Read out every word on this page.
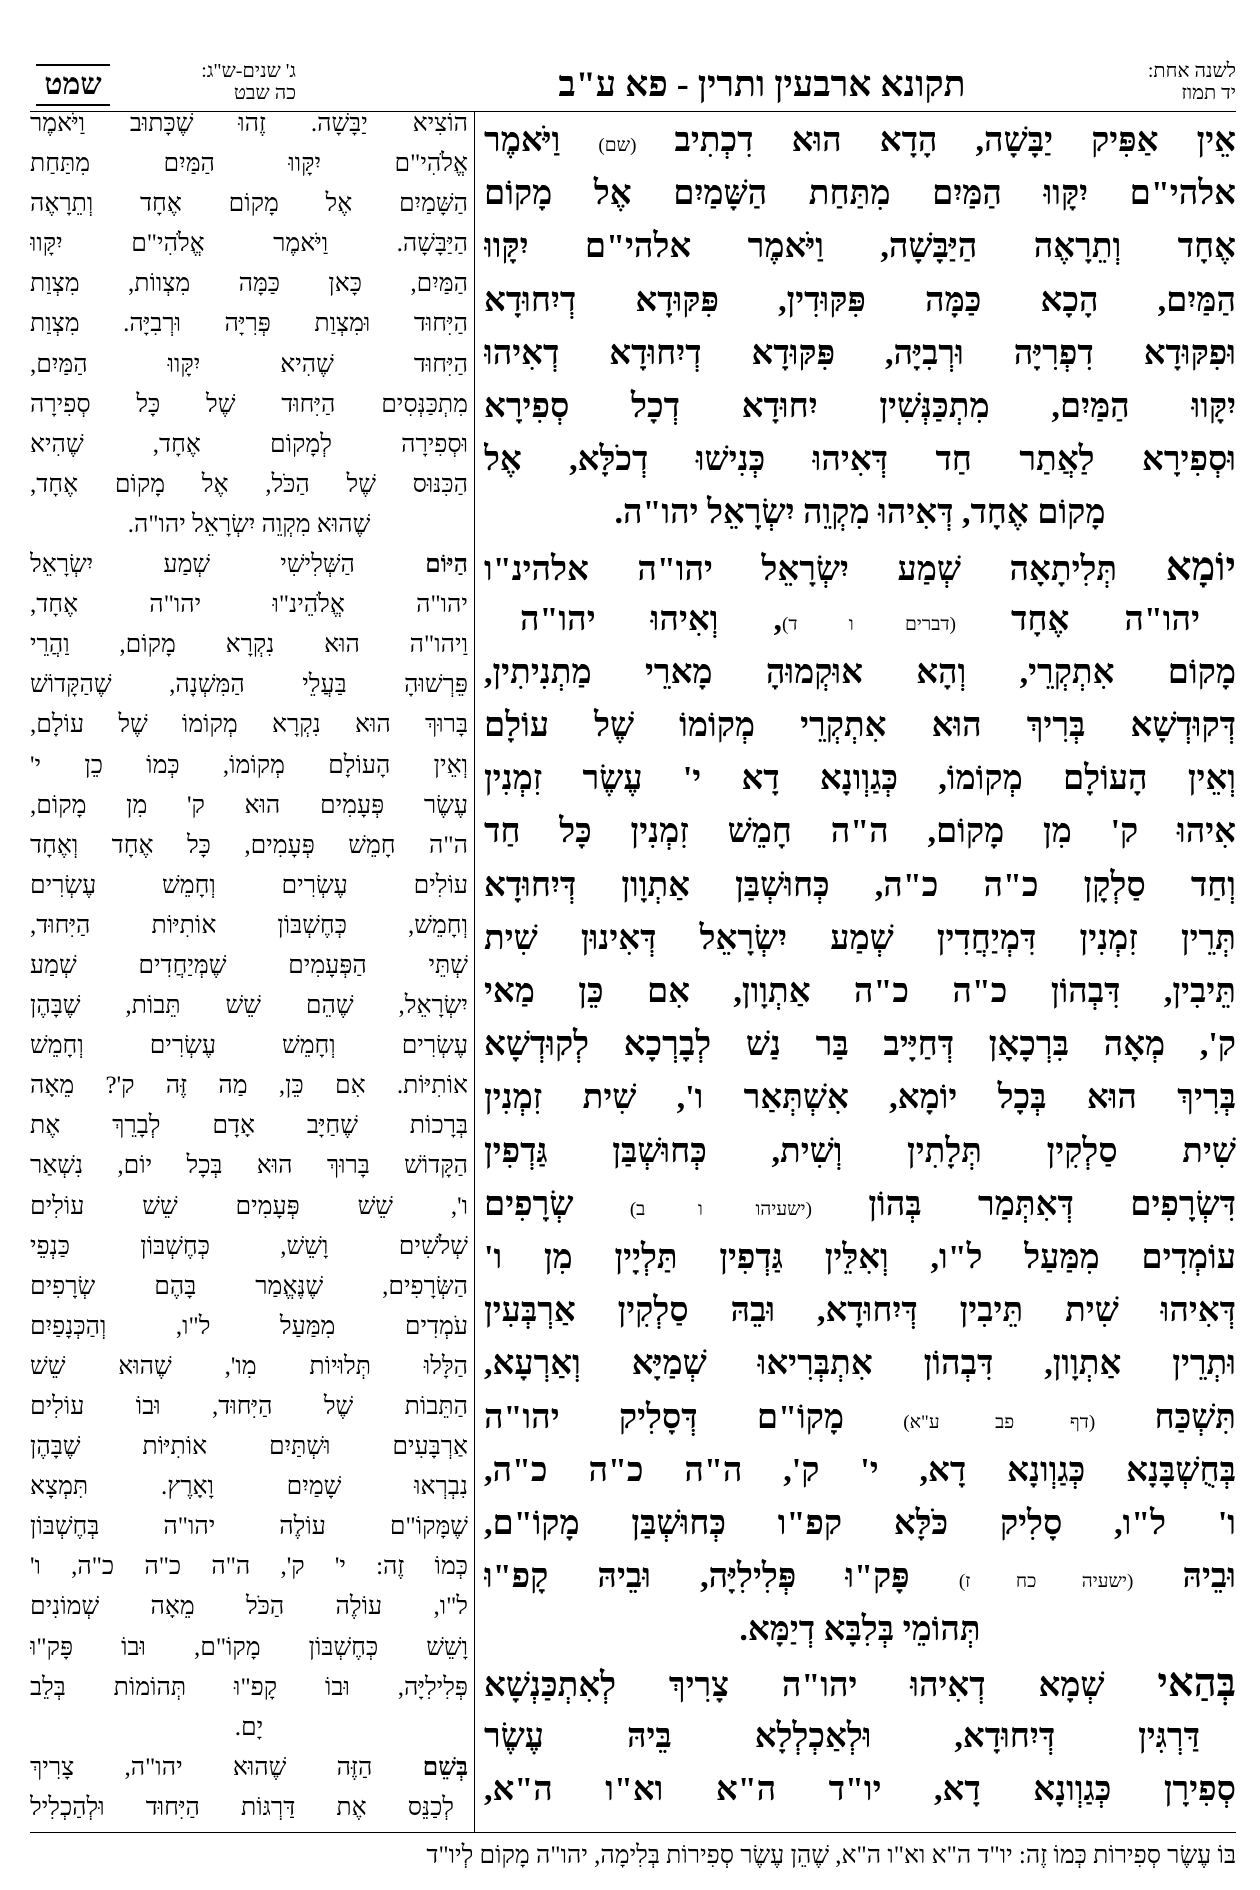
לשנה אחת:
יד תמוז
תקונא ארבעין ותרין - פא ע"ב
ג' שנים-ש"ג:
כה שבט
שמט
אֵין אַפִּיק יַבָּשָׁה, הָדָא הוּא דִכְתִיב (שם) וַיֹּאמֶר
אלהי"ם יִקָּווּ הַמַּיִם מִתַּחַת הַשָּׁמַיִם אֶל מָקוֹם
אֶחָד וְתֵרָאֶה הַיַּבָּשָׁה, וַיֹּאמֶר אלהי"ם יִקָּווּ
הַמַּיִם, הָכָא כַּמָּה פִּקּוּדִין, פִּקּוּדָא דְיִחוּדָא
וּפִקּוּדָא דִפְרִיָּה וּרְבִיָּה, פִּקּוּדָא דְיִחוּדָא דְאִיהוּ
יִקָּווּ הַמַּיִם, מִתְכַּנְּשִׁין יִחוּדָא דְכָל סְפִירָא
וּסְפִירָא לַאֲתַר חַד דְּאִיהוּ כְּנִישׁוּ דְכֹלָּא, אֶל
מָקוֹם אֶחָד, דְּאִיהוּ מִקְוֵה יִשְׂרָאֵל יהו"ה.
יוֹמָא תְּלִיתָאָה שְׁמַע יִשְׂרָאֵל יהו"ה אלהינ"ו
יהו"ה אֶחָד (דברים ו ד), וְאִיהוּ יהו"ה
מָקוֹם אִתְקְרֵי, וְהָא אוּקְמוּהָ מָארֵי מַתְנִיתִין,
דְּקוּדְשָׁא בְּרִיךְ הוּא אִתְקְרֵי מְקוֹמוֹ שֶׁל עוֹלָם
וְאֵין הָעוֹלָם מְקוֹמוֹ, כְּגַוְונָא דָא י' עֶשֶׂר זִמְנִין
אִיהוּ ק' מִן מָקוֹם, ה"ה חָמֵשׁ זִמְנִין כָּל חַד
וְחַד סַלְקָן כ"ה כ"ה, כְּחוּשְׁבַּן אַתְוָון דְּיִחוּדָא
תְּרֵין זִמְנִין דִּמְיַחֲדִין שְׁמַע יִשְׂרָאֵל דְּאִינוּן שִׁית
תֵּיבִין, דִּבְהוֹן כ"ה כ"ה אַתְוָון, אִם כֵּן מַאי
ק', מְאָה בִּרְכָאָן דְּחַיָּיב בַּר נַשׁ לְבָרְכָא לְקוּדְשָׁא
בְּרִיךְ הוּא בְּכָל יוֹמָא, אִשְׁתְּאַר ו', שִׁית זִמְנִין
שִׁית סַלְקִין תְּלָתִין וְשִׁית, כְּחוּשְׁבַּן גַּדְפִין
דִּשְׂרָפִים דְּאִתְּמַר בְּהוֹן (ישעיהו ו ב) שְׂרָפִים
עוֹמְדִים מִמַּעַל ל"ו, וְאִלֵּין גַּדְפִין תַּלְיָין מִן ו'
דְּאִיהוּ שִׁית תֵּיבִין דְּיִחוּדָא, וּבֵהּ סַלְקִין אַרְבְּעִין
וּתְרֵין אַתְוָון, דִּבְהוֹן אִתְבְּרִיאוּ שְׁמַיָּא וְאַרְעָא,
תִּשְׁכַּח (דף פב ע"א) מָקוֹ"ם דְּסָלִיק יהו"ה
בְּחֻשְׁבָּנָא כְּגַוְונָא דָא, י' ק', ה"ה כ"ה כ"ה,
ו' ל"ו, סָלִיק כֹּלָּא קפ"ו כְּחוּשְׁבַּן מָקוֹ"ם,
וּבֵיהּ (ישעיה כח ז) פָּק"וּ פְּלִילִיָּה, וּבֵיהּ קָפ"וּ
תְּהוֹמֵי בְּלִבָּא דְיַמָּא.
בְּהַאי שְׁמָא דְאִיהוּ יהו"ה צָרִיךְ לְאִתְכַּנְשָׁא
דַּרְגִּין דְּיִחוּדָא, וּלְאַכְלְלָא בֵּיהּ עֶשֶׂר
סְפִירָן כְּגַוְונָא דָא, יו"ד ה"א וא"ו ה"א,
הוֹצִיא יַבָּשָׁה. זֶהוּ שֶׁכָּתוּב וַיֹּאמֶר
אֱלֹהִי"ם יִקָּווּ הַמַּיִם מִתַּחַת
הַשָּׁמַיִם אֶל מָקוֹם אֶחָד וְתֵרָאֶה
הַיַּבָּשָׁה. וַיֹּאמֶר אֱלֹהִי"ם יִקָּווּ
הַמַּיִם, כָּאן כַּמָּה מִצְווֹת, מִצְוַת
הַיִּחוּד וּמִצְוַת פְּרִיָּה וּרְבִיָּה. מִצְוַת
הַיִּחוּד שֶׁהִיא יִקָּווּ הַמַּיִם,
מִתְכַּנְּסִים הַיִּחוּד שֶׁל כָּל סְפִירָה
וּסְפִירָה לְמָקוֹם אֶחָד, שֶׁהִיא
הַכִּנּוּס שֶׁל הַכֹּל, אֶל מָקוֹם אֶחָד,
שֶׁהוּא מִקְוֵה יִשְׂרָאֵל יהו"ה.
הַיּוֹם הַשְּׁלִישִׁי שְׁמַע יִשְׂרָאֵל
יהו"ה אֱלֹהֵינ"וּ יהו"ה אֶחָד,
וַיהו"ה הוּא נִקְרָא מָקוֹם, וַהֲרֵי
פֵּרְשׁוּהָ בַּעֲלֵי הַמִּשְׁנָה, שֶׁהַקָּדוֹשׁ
בָּרוּךְ הוּא נִקְרָא מְקוֹמוֹ שֶׁל עוֹלָם,
וְאֵין הָעוֹלָם מְקוֹמוֹ, כְּמוֹ כֵן י'
עֶשֶׂר פְּעָמִים הוּא ק' מִן מָקוֹם,
ה"ה חָמֵשׁ פְּעָמִים, כָּל אֶחָד וְאֶחָד
עוֹלִים עֶשְׂרִים וְחָמֵשׁ עֶשְׂרִים
וְחָמֵשׁ, כְּחֶשְׁבּוֹן אוֹתִיּוֹת הַיִּחוּד,
שְׁתֵּי הַפְּעָמִים שֶׁמְּיַחֲדִים שְׁמַע
יִשְׂרָאֵל, שֶׁהֵם שֵׁשׁ תֵּבוֹת, שֶׁבָּהֶן
עֶשְׂרִים וְחָמֵשׁ עֶשְׂרִים וְחָמֵשׁ
אוֹתִיּוֹת. אִם כֵּן, מַה זֶּה ק'? מֵאָה
בְּרָכוֹת שֶׁחַיָּב אָדָם לְבָרֵךְ אֶת
הַקָּדוֹשׁ בָּרוּךְ הוּא בְּכָל יוֹם, נִשְׁאַר
ו', שֵׁשׁ פְּעָמִים שֵׁשׁ עוֹלִים
שְׁלֹשִׁים וָשֵׁשׁ, כְּחֶשְׁבּוֹן כַּנְפֵי
הַשְּׂרָפִים, שֶׁנֶּאֱמַר בָּהֶם שְׂרָפִים
עֹמְדִים מִמַּעַל ל"ו, וְהַכְּנָפַיִם
הַלָּלוּ תְּלוּיוֹת מִו', שֶׁהוּא שֵׁשׁ
הַתֵּבוֹת שֶׁל הַיִּחוּד, וּבוֹ עוֹלִים
אַרְבָּעִים וּשְׁתַּיִם אוֹתִיּוֹת שֶׁבָּהֶן
נִבְרְאוּ שָׁמַיִם וָאָרֶץ. תִּמְצָא
שֶׁמָּקוֹ"ם עוֹלֶה יהו"ה בְּחֶשְׁבּוֹן
כְּמוֹ זֶה: י' ק', ה"ה כ"ה כ"ה, ו'
ל"ו, עוֹלֶה הַכֹּל מֵאָה שְׁמוֹנִים
וָשֵׁשׁ כְּחֶשְׁבּוֹן מָקוֹ"ם, וּבוֹ פָּק"וּ
פְּלִילִיָּה, וּבוֹ קָפ"וּ תְּהוֹמוֹת בְּלֵב
יָם.
בְּשֵׁם הַזֶּה שֶׁהוּא יהו"ה, צָרִיךְ
לְכַנֵּס אֶת דַּרְגּוֹת הַיִּחוּד וּלְהַכְלִיל
בּוֹ עֶשֶׂר סְפִירוֹת כְּמוֹ זֶה: יו"ד ה"א וא"ו ה"א, שֶׁהֵן עֶשֶׂר סְפִירוֹת בְּלִימָה, יהו"ה מָקוֹם לְיו"ד
